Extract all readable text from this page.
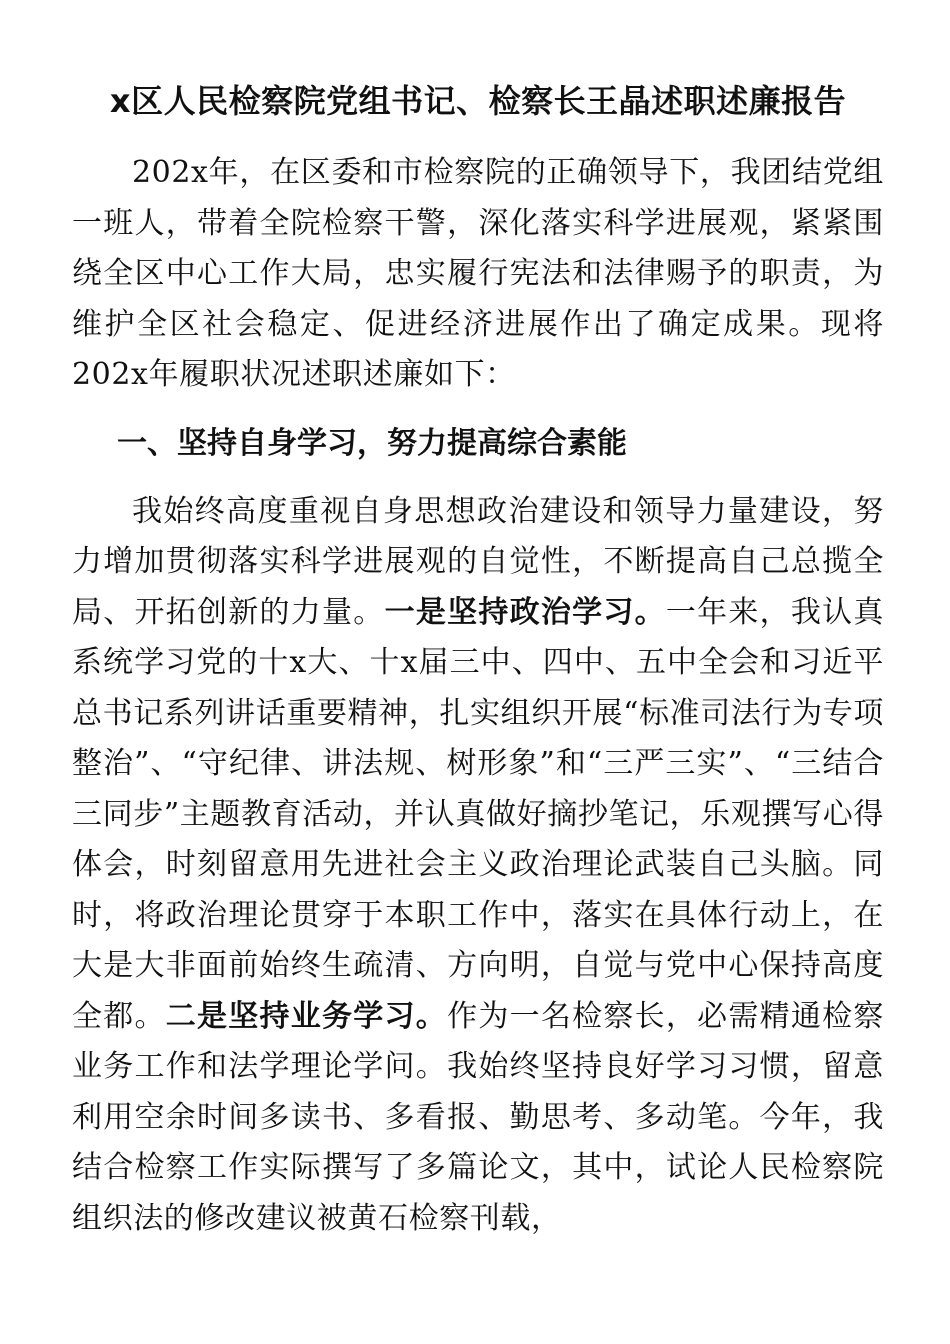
x区人民检察院党组书记、检察长王晶述职述廉报告

202x年，在区委和市检察院的正确领导下，我团结党组一班人，带着全院检察干警，深化落实科学进展观，紧紧围绕全区中心工作大局，忠实履行宪法和法律赐予的职责，为维护全区社会稳定、促进经济进展作出了确定成果。现将202x年履职状况述职述廉如下：

一、坚持自身学习，努力提高综合素能

我始终高度重视自身思想政治建设和领导力量建设，努力增加贯彻落实科学进展观的自觉性，不断提高自己总揽全局、开拓创新的力量。一是坚持政治学习。一年来，我认真系统学习党的十x大、十x届三中、四中、五中全会和习近平总书记系列讲话重要精神，扎实组织开展“标准司法行为专项整治”、“守纪律、讲法规、树形象”和“三严三实”、“三结合三同步”主题教育活动，并认真做好摘抄笔记，乐观撰写心得体会，时刻留意用先进社会主义政治理论武装自己头脑。同时，将政治理论贯穿于本职工作中，落实在具体行动上，在大是大非面前始终生疏清、方向明，自觉与党中心保持高度全都。二是坚持业务学习。作为一名检察长，必需精通检察业务工作和法学理论学问。我始终坚持良好学习习惯，留意利用空余时间多读书、多看报、勤思考、多动笔。今年，我结合检察工作实际撰写了多篇论文，其中，试论人民检察院组织法的修改建议被黄石检察刊载，
